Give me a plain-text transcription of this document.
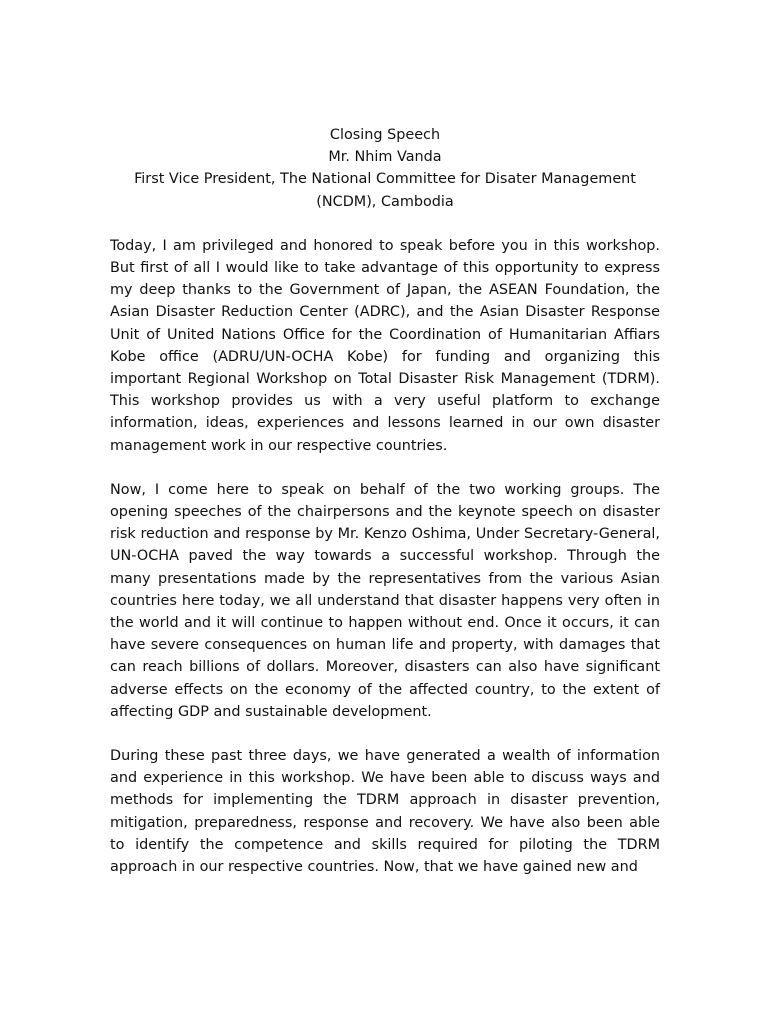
Closing Speech
Mr. Nhim Vanda
First Vice President, The National Committee for Disater Management
(NCDM), Cambodia

Today, I am privileged and honored to speak before you in this workshop. But first of all I would like to take advantage of this opportunity to express my deep thanks to the Government of Japan, the ASEAN Foundation, the Asian Disaster Reduction Center (ADRC), and the Asian Disaster Response Unit of United Nations Office for the Coordination of Humanitarian Affiars Kobe office (ADRU/UN-OCHA Kobe) for funding and organizing this important Regional Workshop on Total Disaster Risk Management (TDRM). This workshop provides us with a very useful platform to exchange information, ideas, experiences and lessons learned in our own disaster management work in our respective countries.

Now, I come here to speak on behalf of the two working groups. The opening speeches of the chairpersons and the keynote speech on disaster risk reduction and response by Mr. Kenzo Oshima, Under Secretary-General, UN-OCHA paved the way towards a successful workshop. Through the many presentations made by the representatives from the various Asian countries here today, we all understand that disaster happens very often in the world and it will continue to happen without end. Once it occurs, it can have severe consequences on human life and property, with damages that can reach billions of dollars. Moreover, disasters can also have significant adverse effects on the economy of the affected country, to the extent of affecting GDP and sustainable development.

During these past three days, we have generated a wealth of information and experience in this workshop. We have been able to discuss ways and methods for implementing the TDRM approach in disaster prevention, mitigation, preparedness, response and recovery. We have also been able to identify the competence and skills required for piloting the TDRM approach in our respective countries. Now, that we have gained new and
